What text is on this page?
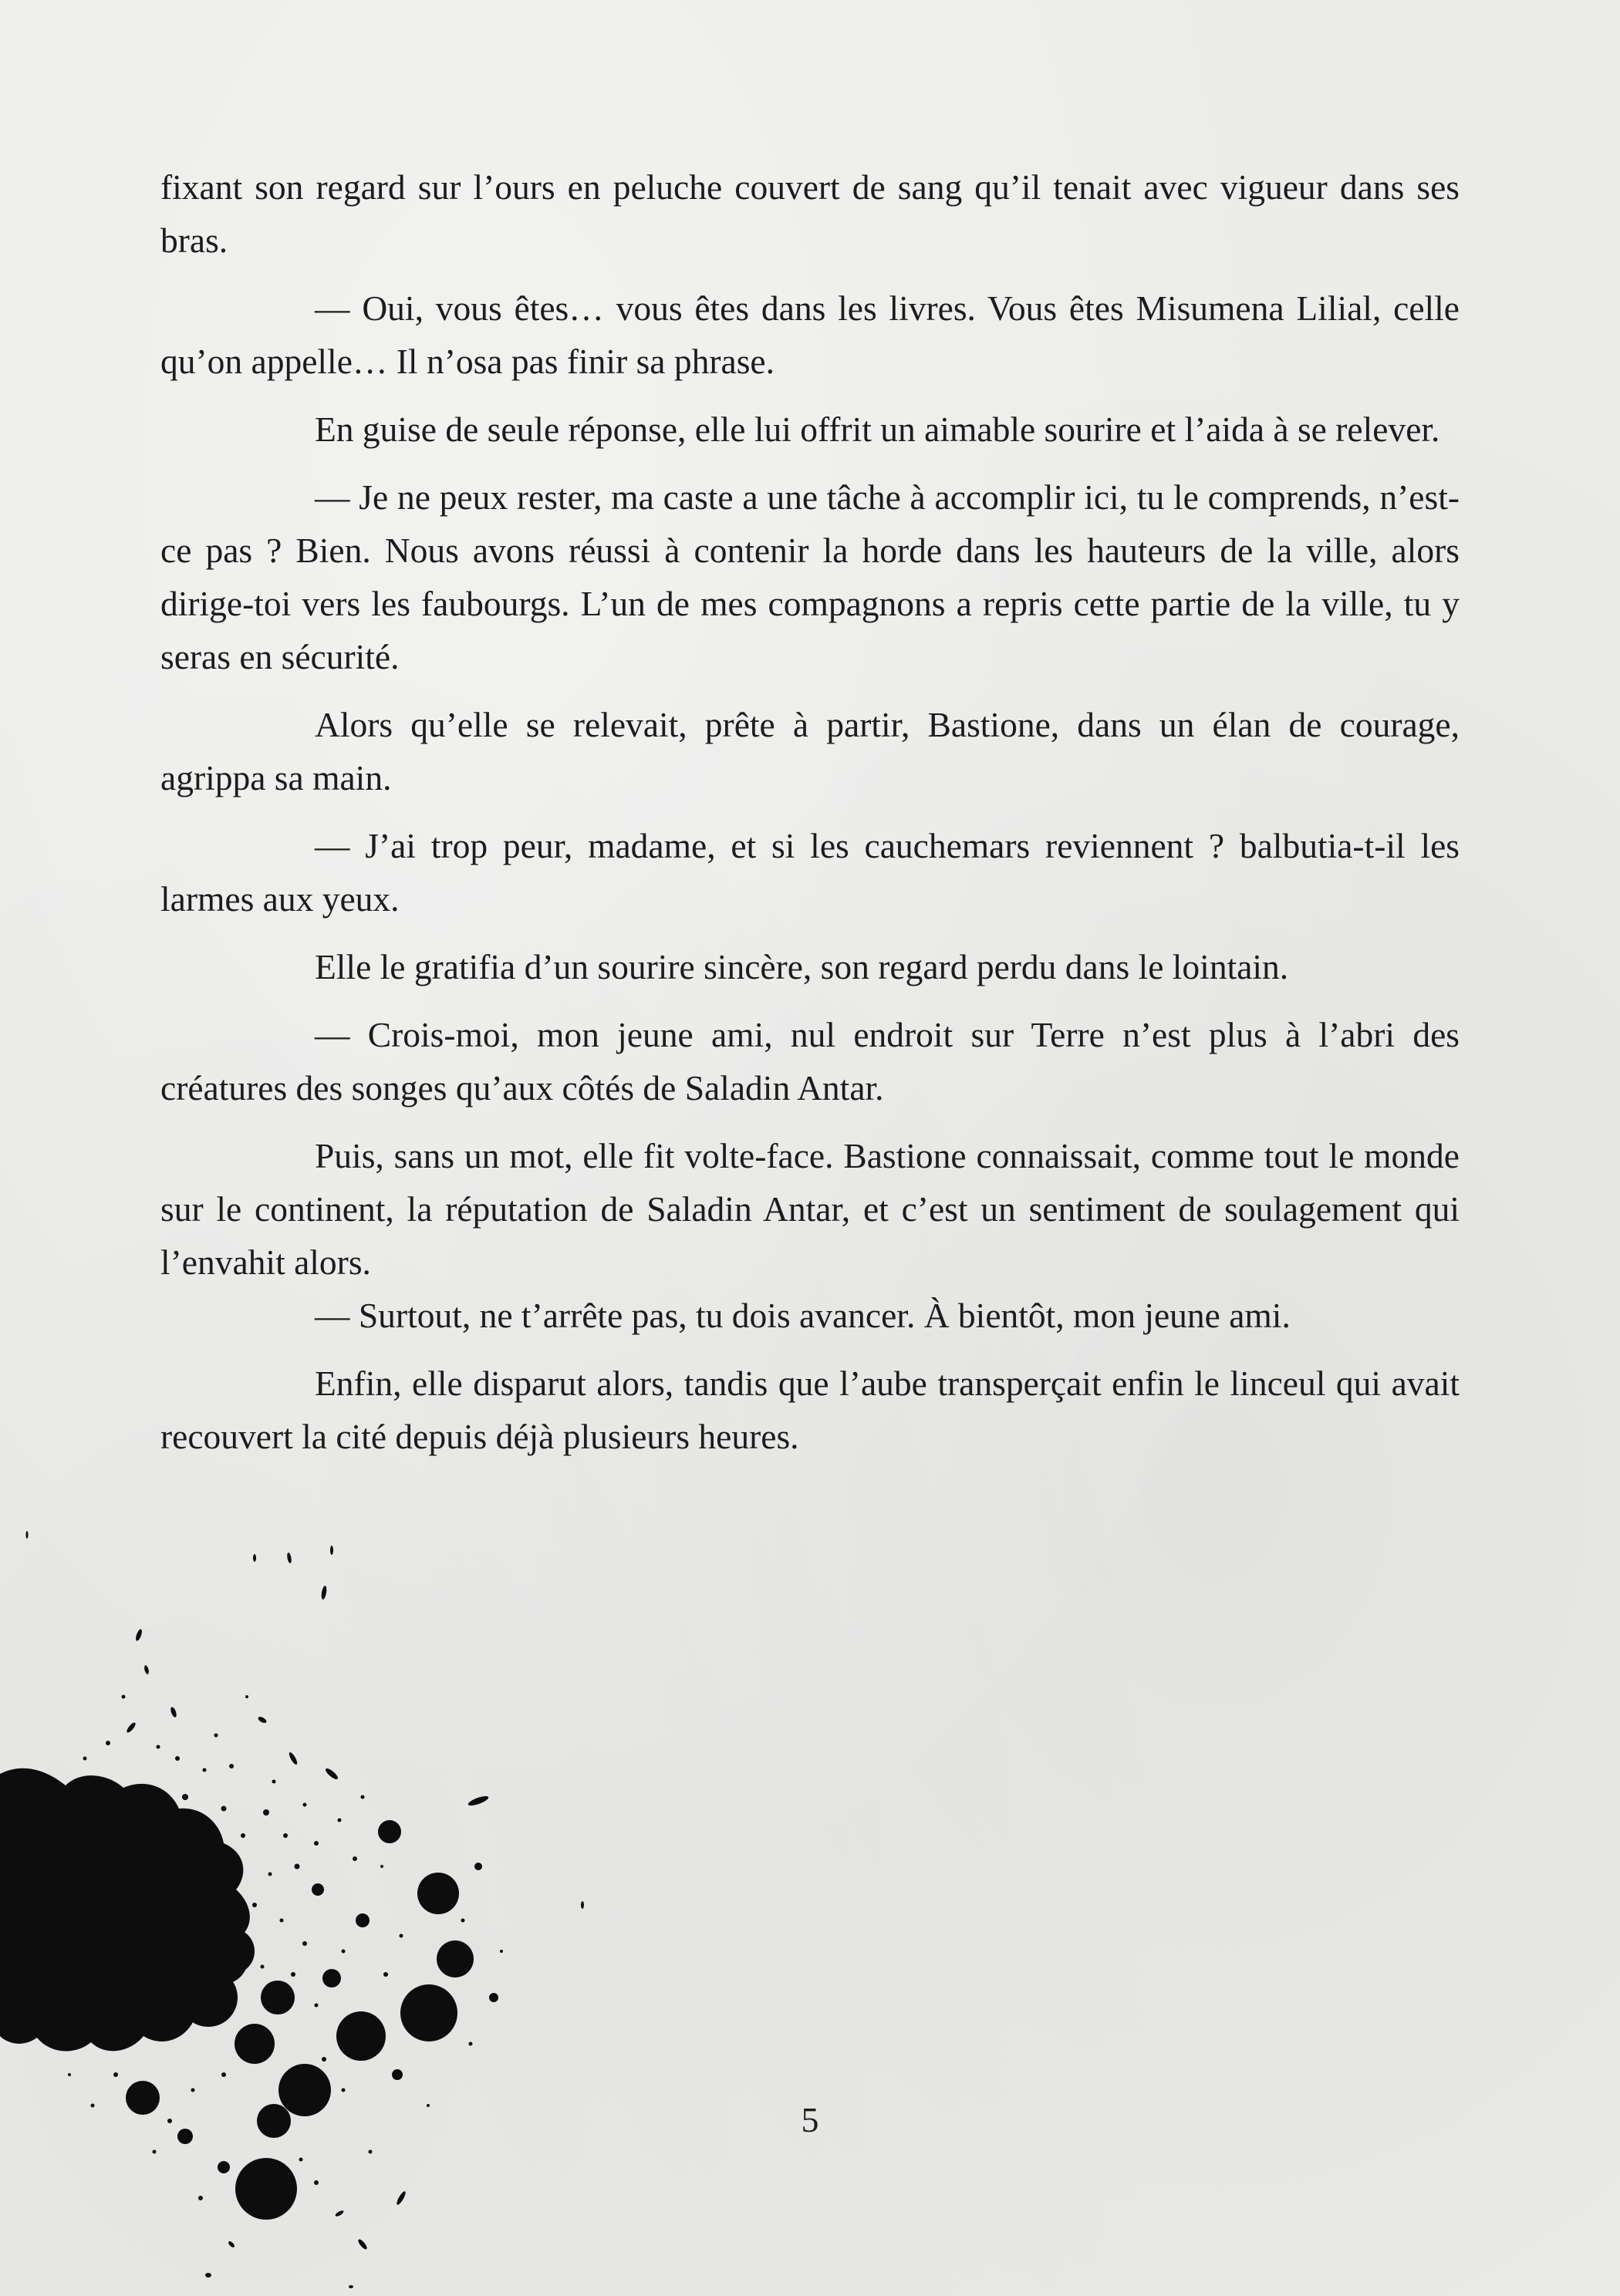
fixant son regard sur l’ours en peluche couvert de sang qu’il tenait avec vigueur dans ses bras.

— Oui, vous êtes… vous êtes dans les livres. Vous êtes Misumena Lilial, celle qu’on appelle… Il n’osa pas finir sa phrase.

En guise de seule réponse, elle lui offrit un aimable sourire et l’aida à se relever.

— Je ne peux rester, ma caste a une tâche à accomplir ici, tu le comprends, n’est-ce pas ? Bien. Nous avons réussi à contenir la horde dans les hauteurs de la ville, alors dirige-toi vers les faubourgs. L’un de mes compagnons a repris cette partie de la ville, tu y seras en sécurité.

Alors qu’elle se relevait, prête à partir, Bastione, dans un élan de courage, agrippa sa main.

— J’ai trop peur, madame, et si les cauchemars reviennent ? balbutia-t-il les larmes aux yeux.

Elle le gratifia d’un sourire sincère, son regard perdu dans le lointain.

— Crois-moi, mon jeune ami, nul endroit sur Terre n’est plus à l’abri des créatures des songes qu’aux côtés de Saladin Antar.

Puis, sans un mot, elle fit volte-face. Bastione connaissait, comme tout le monde sur le continent, la réputation de Saladin Antar, et c’est un sentiment de soulagement qui l’envahit alors.

— Surtout, ne t’arrête pas, tu dois avancer. À bientôt, mon jeune ami.

Enfin, elle disparut alors, tandis que l’aube transperçait enfin le linceul qui avait recouvert la cité depuis déjà plusieurs heures.

5
